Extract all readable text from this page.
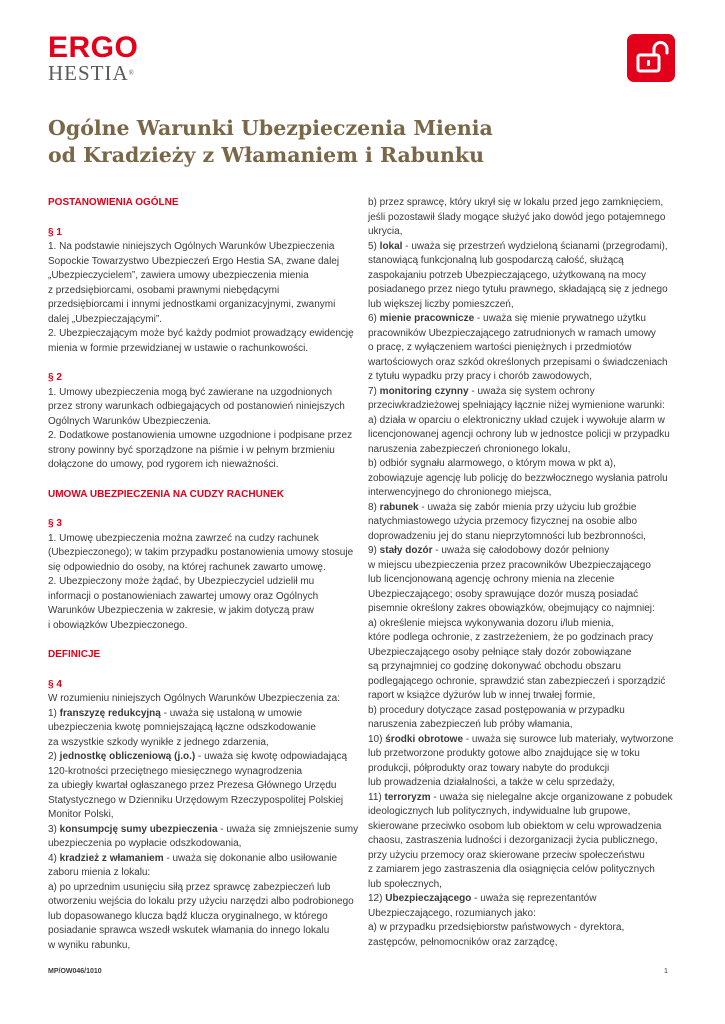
ERGO
HESTIA®
Ogólne Warunki Ubezpieczenia Mienia
od Kradzieży z Włamaniem i Rabunku
POSTANOWIENIA OGÓLNE
§ 1
1. Na podstawie niniejszych Ogólnych Warunków Ubezpieczenia
Sopockie Towarzystwo Ubezpieczeń Ergo Hestia SA, zwane dalej
„Ubezpieczycielem”, zawiera umowy ubezpieczenia mienia
z przedsiębiorcami, osobami prawnymi niebędącymi
przedsiębiorcami i innymi jednostkami organizacyjnymi, zwanymi
dalej „Ubezpieczającymi”.
2. Ubezpieczającym może być każdy podmiot prowadzący ewidencję
mienia w formie przewidzianej w ustawie o rachunkowości.
§ 2
1. Umowy ubezpieczenia mogą być zawierane na uzgodnionych
przez strony warunkach odbiegających od postanowień niniejszych
Ogólnych Warunków Ubezpieczenia.
2. Dodatkowe postanowienia umowne uzgodnione i podpisane przez
strony powinny być sporządzone na piśmie i w pełnym brzmieniu
dołączone do umowy, pod rygorem ich nieważności.
UMOWA UBEZPIECZENIA NA CUDZY RACHUNEK
§ 3
1. Umowę ubezpieczenia można zawrzeć na cudzy rachunek
(Ubezpieczonego); w takim przypadku postanowienia umowy stosuje
się odpowiednio do osoby, na której rachunek zawarto umowę.
2. Ubezpieczony może żądać, by Ubezpieczyciel udzielił mu
informacji o postanowieniach zawartej umowy oraz Ogólnych
Warunków Ubezpieczenia w zakresie, w jakim dotyczą praw
i obowiązków Ubezpieczonego.
DEFINICJE
§ 4
W rozumieniu niniejszych Ogólnych Warunków Ubezpieczenia za:
1) franszyzę redukcyjną - uważa się ustaloną w umowie
ubezpieczenia kwotę pomniejszającą łączne odszkodowanie
za wszystkie szkody wynikłe z jednego zdarzenia,
2) jednostkę obliczeniową (j.o.) - uważa się kwotę odpowiadającą
120-krotności przeciętnego miesięcznego wynagrodzenia
za ubiegły kwartał ogłaszanego przez Prezesa Głównego Urzędu
Statystycznego w Dzienniku Urzędowym Rzeczypospolitej Polskiej
Monitor Polski,
3) konsumpcję sumy ubezpieczenia - uważa się zmniejszenie sumy
ubezpieczenia po wypłacie odszkodowania,
4) kradzież z włamaniem - uważa się dokonanie albo usiłowanie
zaboru mienia z lokalu:
a) po uprzednim usunięciu siłą przez sprawcę zabezpieczeń lub
otworzeniu wejścia do lokalu przy użyciu narzędzi albo podrobionego
lub dopasowanego klucza bądź klucza oryginalnego, w którego
posiadanie sprawca wszedł wskutek włamania do innego lokalu
w wyniku rabunku,
b) przez sprawcę, który ukrył się w lokalu przed jego zamknięciem,
jeśli pozostawił ślady mogące służyć jako dowód jego potajemnego
ukrycia,
5) lokal - uważa się przestrzeń wydzieloną ścianami (przegrodami),
stanowiącą funkcjonalną lub gospodarczą całość, służącą
zaspokajaniu potrzeb Ubezpieczającego, użytkowaną na mocy
posiadanego przez niego tytułu prawnego, składającą się z jednego
lub większej liczby pomieszczeń,
6) mienie pracownicze - uważa się mienie prywatnego użytku
pracowników Ubezpieczającego zatrudnionych w ramach umowy
o pracę, z wyłączeniem wartości pieniężnych i przedmiotów
wartościowych oraz szkód określonych przepisami o świadczeniach
z tytułu wypadku przy pracy i chorób zawodowych,
7) monitoring czynny - uważa się system ochrony
przeciwkradzieżowej spełniający łącznie niżej wymienione warunki:
a) działa w oparciu o elektroniczny układ czujek i wywołuje alarm w
licencjonowanej agencji ochrony lub w jednostce policji w przypadku
naruszenia zabezpieczeń chronionego lokalu,
b) odbiór sygnału alarmowego, o którym mowa w pkt a),
zobowiązuje agencję lub policję do bezzwłocznego wysłania patrolu
interwencyjnego do chronionego miejsca,
8) rabunek - uważa się zabór mienia przy użyciu lub groźbie
natychmiastowego użycia przemocy fizycznej na osobie albo
doprowadzeniu jej do stanu nieprzytomności lub bezbronności,
9) stały dozór - uważa się całodobowy dozór pełniony
w miejscu ubezpieczenia przez pracowników Ubezpieczającego
lub licencjonowaną agencję ochrony mienia na zlecenie
Ubezpieczającego; osoby sprawujące dozór muszą posiadać
pisemnie określony zakres obowiązków, obejmujący co najmniej:
a) określenie miejsca wykonywania dozoru i/lub mienia,
które podlega ochronie, z zastrzeżeniem, że po godzinach pracy
Ubezpieczającego osoby pełniące stały dozór zobowiązane
są przynajmniej co godzinę dokonywać obchodu obszaru
podlegającego ochronie, sprawdzić stan zabezpieczeń i sporządzić
raport w książce dyżurów lub w innej trwałej formie,
b) procedury dotyczące zasad postępowania w przypadku
naruszenia zabezpieczeń lub próby włamania,
10) środki obrotowe - uważa się surowce lub materiały, wytworzone
lub przetworzone produkty gotowe albo znajdujące się w toku
produkcji, półprodukty oraz towary nabyte do produkcji
lub prowadzenia działalności, a także w celu sprzedaży,
11) terroryzm - uważa się nielegalne akcje organizowane z pobudek
ideologicznych lub politycznych, indywidualne lub grupowe,
skierowane przeciwko osobom lub obiektom w celu wprowadzenia
chaosu, zastraszenia ludności i dezorganizacji życia publicznego,
przy użyciu przemocy oraz skierowane przeciw społeczeństwu
z zamiarem jego zastraszenia dla osiągnięcia celów politycznych
lub społecznych,
12) Ubezpieczającego - uważa się reprezentantów
Ubezpieczającego, rozumianych jako:
a) w przypadku przedsiębiorstw państwowych - dyrektora,
zastępców, pełnomocników oraz zarządcę,
MP/OW046/1010	1
